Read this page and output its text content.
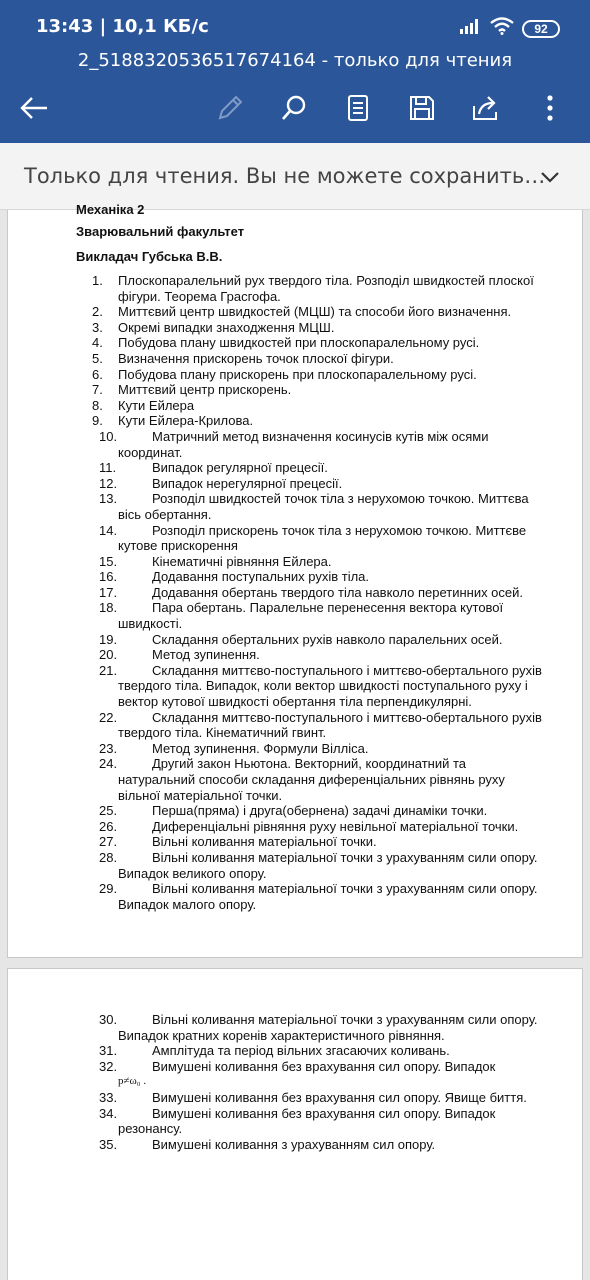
13:43 | 10,1 КБ/с	92
2_5188320536517674164 - только для чтения
Только для чтения. Вы не можете сохранить…
Механіка 2
Зварювальний факультет
Викладач Губська В.В.
1. Плоскопаралельний рух твердого тіла. Розподіл швидкостей плоскої фігури. Теорема Грасгофа.
2. Миттєвий центр швидкостей (МЦШ) та способи його визначення.
3. Окремі випадки знаходження МЦШ.
4. Побудова плану швидкостей при плоскопаралельному русі.
5. Визначення прискорень точок плоскої фігури.
6. Побудова плану прискорень при плоскопаралельному русі.
7. Миттєвий центр прискорень.
8. Кути Ейлера
9. Кути Ейлера-Крилова.
10.	Матричний метод визначення косинусів кутів між осями координат.
11.	Випадок регулярної прецесії.
12.	Випадок нерегулярної прецесії.
13.	Розподіл швидкостей точок тіла з нерухомою точкою. Миттєва вісь обертання.
14.	Розподіл прискорень точок тіла з нерухомою точкою. Миттєве кутове прискорення
15.	Кінематичні рівняння Ейлера.
16.	Додавання поступальних рухів тіла.
17.	Додавання обертань твердого тіла навколо перетинних осей.
18.	Пара обертань. Паралельне перенесення вектора кутової швидкості.
19.	Складання обертальних рухів навколо паралельних осей.
20.	Метод зупинення.
21.	Складання миттєво-поступального і миттєво-обертального рухів твердого тіла. Випадок, коли вектор швидкості поступального руху і вектор кутової швидкості обертання тіла перпендикулярні.
22.	Складання миттєво-поступального і миттєво-обертального рухів твердого тіла. Кінематичний гвинт.
23.	Метод зупинення. Формули Вілліса.
24.	Другий закон Ньютона. Векторний, координатний та натуральний способи складання диференціальних рівнянь руху вільної матеріальної точки.
25.	Перша(пряма) і друга(обернена) задачі динаміки точки.
26.	Диференціальні рівняння руху невільної матеріальної точки.
27.	Вільні коливання матеріальної точки.
28.	Вільні коливання матеріальної точки з урахуванням сили опору. Випадок великого опору.
29.	Вільні коливання матеріальної точки з урахуванням сили опору. Випадок малого опору.
30.	Вільні коливання матеріальної точки з урахуванням сили опору. Випадок кратних коренів характеристичного рівняння.
31.	Амплітуда та період вільних згасаючих коливань.
32.	Вимушені коливання без врахування сил опору. Випадок
p≠ω₀ .
33.	Вимушені коливання без врахування сил опору. Явище биття.
34.	Вимушені коливання без врахування сил опору. Випадок резонансу.
35.	Вимушені коливання з урахуванням сил опору.
